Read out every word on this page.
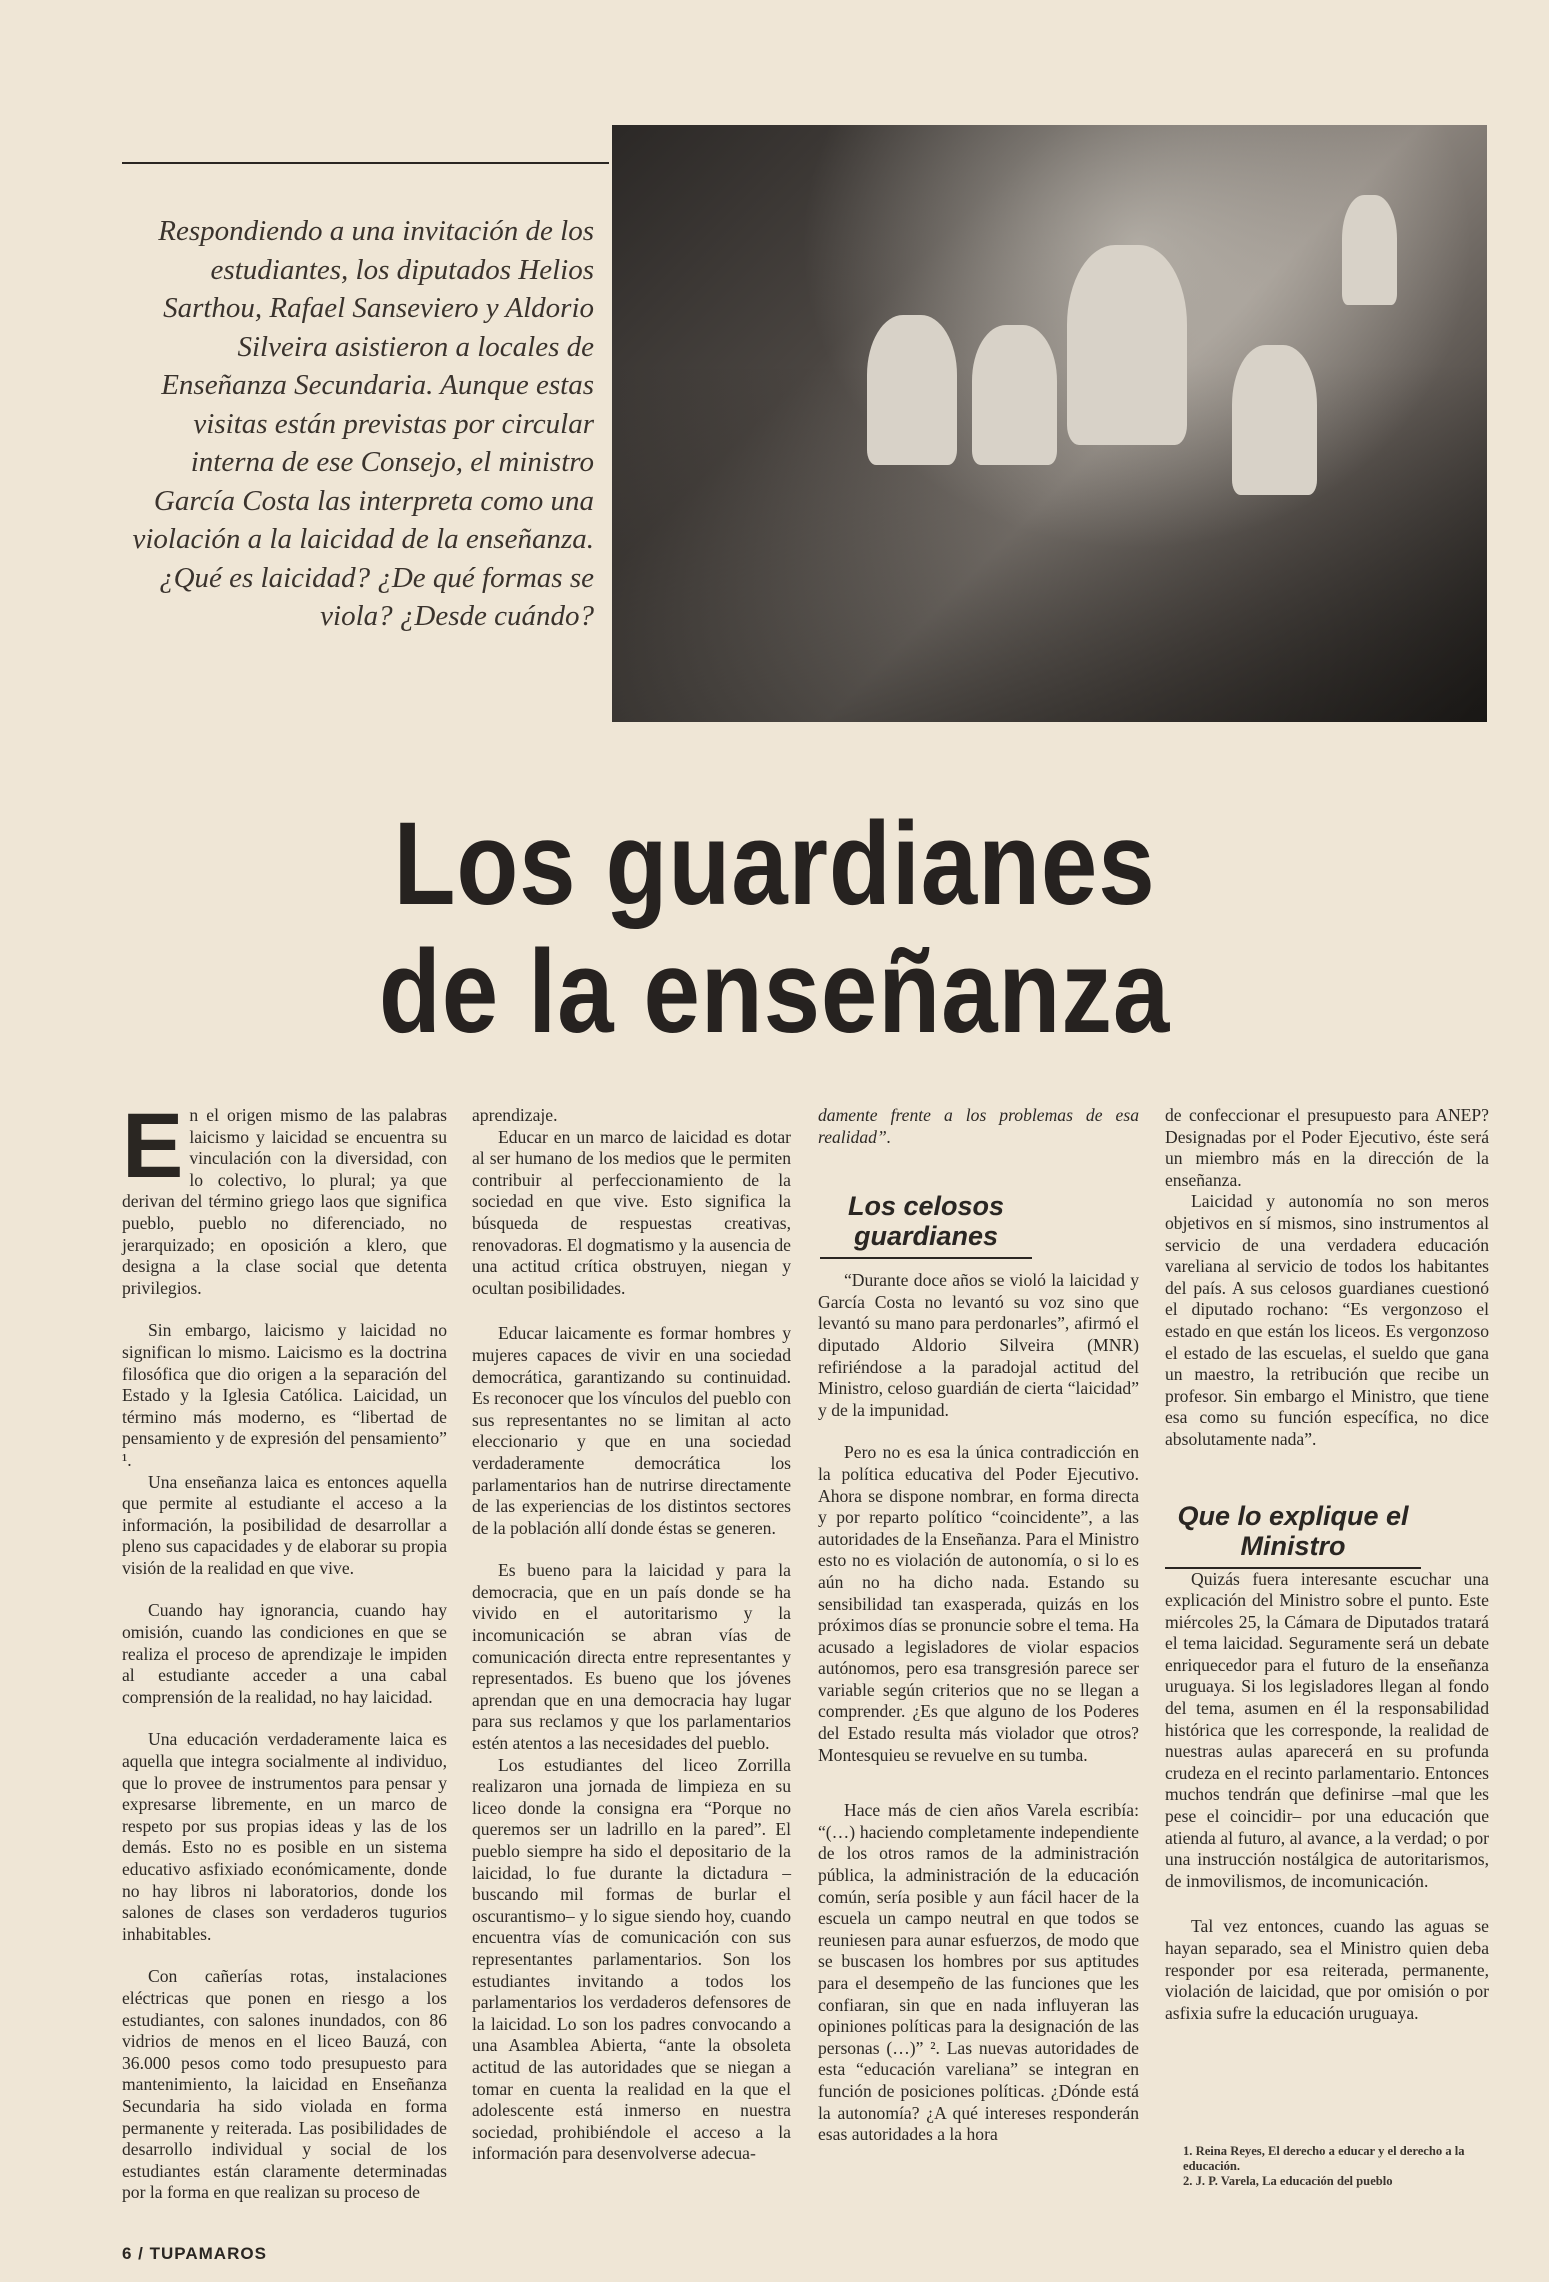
Respondiendo a una invitación de los estudiantes, los diputados Helios Sarthou, Rafael Sanseviero y Aldorio Silveira asistieron a locales de Enseñanza Secundaria. Aunque estas visitas están previstas por circular interna de ese Consejo, el ministro García Costa las interpreta como una violación a la laicidad de la enseñanza. ¿Qué es laicidad? ¿De qué formas se viola? ¿Desde cuándo?
Los guardianes
de la enseñanza

En el origen mismo de las palabras laicismo y laicidad se encuentra su vinculación con la diversidad, con lo colectivo, lo plural; ya que derivan del término griego laos que significa pueblo, pueblo no diferenciado, no jerarquizado; en oposición a klero, que designa a la clase social que detenta privilegios.

Sin embargo, laicismo y laicidad no significan lo mismo. Laicismo es la doctrina filosófica que dio origen a la separación del Estado y la Iglesia Católica. Laicidad, un término más moderno, es “libertad de pensamiento y de expresión del pensamiento” ¹.

Una enseñanza laica es entonces aquella que permite al estudiante el acceso a la información, la posibilidad de desarrollar a pleno sus capacidades y de elaborar su propia visión de la realidad en que vive.

Cuando hay ignorancia, cuando hay omisión, cuando las condiciones en que se realiza el proceso de aprendizaje le impiden al estudiante acceder a una cabal comprensión de la realidad, no hay laicidad.

Una educación verdaderamente laica es aquella que integra socialmente al individuo, que lo provee de instrumentos para pensar y expresarse libremente, en un marco de respeto por sus propias ideas y las de los demás. Esto no es posible en un sistema educativo asfixiado económicamente, donde no hay libros ni laboratorios, donde los salones de clases son verdaderos tugurios inhabitables.

Con cañerías rotas, instalaciones eléctricas que ponen en riesgo a los estudiantes, con salones inundados, con 86 vidrios de menos en el liceo Bauzá, con 36.000 pesos como todo presupuesto para mantenimiento, la laicidad en Enseñanza Secundaria ha sido violada en forma permanente y reiterada. Las posibilidades de desarrollo individual y social de los estudiantes están claramente determinadas por la forma en que realizan su proceso de

aprendizaje.

Educar en un marco de laicidad es dotar al ser humano de los medios que le permiten contribuir al perfeccionamiento de la sociedad en que vive. Esto significa la búsqueda de respuestas creativas, renovadoras. El dogmatismo y la ausencia de una actitud crítica obstruyen, niegan y ocultan posibilidades.

Educar laicamente es formar hombres y mujeres capaces de vivir en una sociedad democrática, garantizando su continuidad. Es reconocer que los vínculos del pueblo con sus representantes no se limitan al acto eleccionario y que en una sociedad verdaderamente democrática los parlamentarios han de nutrirse directamente de las experiencias de los distintos sectores de la población allí donde éstas se generen.

Es bueno para la laicidad y para la democracia, que en un país donde se ha vivido en el autoritarismo y la incomunicación se abran vías de comunicación directa entre representantes y representados. Es bueno que los jóvenes aprendan que en una democracia hay lugar para sus reclamos y que los parlamentarios estén atentos a las necesidades del pueblo.

Los estudiantes del liceo Zorrilla realizaron una jornada de limpieza en su liceo donde la consigna era “Porque no queremos ser un ladrillo en la pared”. El pueblo siempre ha sido el depositario de la laicidad, lo fue durante la dictadura –buscando mil formas de burlar el oscurantismo– y lo sigue siendo hoy, cuando encuentra vías de comunicación con sus representantes parlamentarios. Son los estudiantes invitando a todos los parlamentarios los verdaderos defensores de la laicidad. Lo son los padres convocando a una Asamblea Abierta, “ante la obsoleta actitud de las autoridades que se niegan a tomar en cuenta la realidad en la que el adolescente está inmerso en nuestra sociedad, prohibiéndole el acceso a la información para desenvolverse adecua-

damente frente a los problemas de esa realidad”.

“Durante doce años se violó la laicidad y García Costa no levantó su voz sino que levantó su mano para perdonarles”, afirmó el diputado Aldorio Silveira (MNR) refiriéndose a la paradojal actitud del Ministro, celoso guardián de cierta “laicidad” y de la impunidad.

Pero no es esa la única contradicción en la política educativa del Poder Ejecutivo. Ahora se dispone nombrar, en forma directa y por reparto político “coincidente”, a las autoridades de la Enseñanza. Para el Ministro esto no es violación de autonomía, o si lo es aún no ha dicho nada. Estando su sensibilidad tan exasperada, quizás en los próximos días se pronuncie sobre el tema. Ha acusado a legisladores de violar espacios autónomos, pero esa transgresión parece ser variable según criterios que no se llegan a comprender. ¿Es que alguno de los Poderes del Estado resulta más violador que otros? Montesquieu se revuelve en su tumba.

Hace más de cien años Varela escribía: “(…) haciendo completamente independiente de los otros ramos de la administración pública, la administración de la educación común, sería posible y aun fácil hacer de la escuela un campo neutral en que todos se reuniesen para aunar esfuerzos, de modo que se buscasen los hombres por sus aptitudes para el desempeño de las funciones que les confiaran, sin que en nada influyeran las opiniones políticas para la designación de las personas (…)” ². Las nuevas autoridades de esta “educación vareliana” se integran en función de posiciones políticas. ¿Dónde está la autonomía? ¿A qué intereses responderán esas autoridades a la hora

Los celosos guardianes

de confeccionar el presupuesto para ANEP? Designadas por el Poder Ejecutivo, éste será un miembro más en la dirección de la enseñanza.

Laicidad y autonomía no son meros objetivos en sí mismos, sino instrumentos al servicio de una verdadera educación vareliana al servicio de todos los habitantes del país. A sus celosos guardianes cuestionó el diputado rochano: “Es vergonzoso el estado en que están los liceos. Es vergonzoso el estado de las escuelas, el sueldo que gana un maestro, la retribución que recibe un profesor. Sin embargo el Ministro, que tiene esa como su función específica, no dice absolutamente nada”.

Quizás fuera interesante escuchar una explicación del Ministro sobre el punto. Este miércoles 25, la Cámara de Diputados tratará el tema laicidad. Seguramente será un debate enriquecedor para el futuro de la enseñanza uruguaya. Si los legisladores llegan al fondo del tema, asumen en él la responsabilidad histórica que les corresponde, la realidad de nuestras aulas aparecerá en su profunda crudeza en el recinto parlamentario. Entonces muchos tendrán que definirse –mal que les pese el coincidir– por una educación que atienda al futuro, al avance, a la verdad; o por una instrucción nostálgica de autoritarismos, de inmovilismos, de incomunicación.

Tal vez entonces, cuando las aguas se hayan separado, sea el Ministro quien deba responder por esa reiterada, permanente, violación de laicidad, que por omisión o por asfixia sufre la educación uruguaya.

Que lo explique el Ministro
1. Reina Reyes, El derecho a educar y el derecho a la educación.
2. J. P. Varela, La educación del pueblo
6 / TUPAMAROS
